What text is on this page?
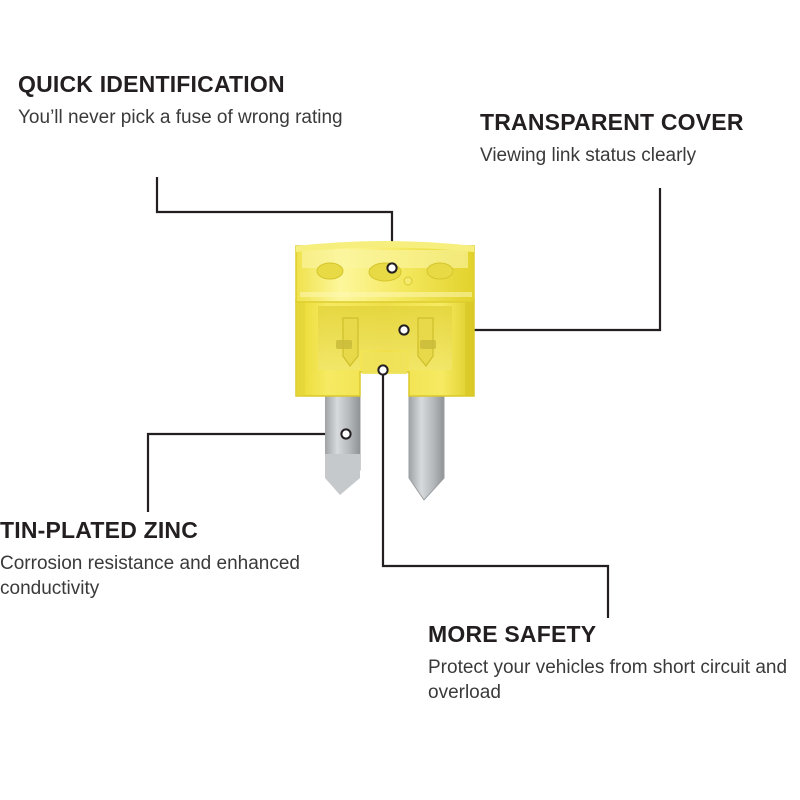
QUICK IDENTIFICATION

You’ll never pick a fuse of wrong rating	TRANSPARENT COVER

Viewing link status clearly

TIN-PLATED ZINC

Corrosion resistance and enhanced conductivity

MORE SAFETY

Protect your vehicles from short circuit and overload
